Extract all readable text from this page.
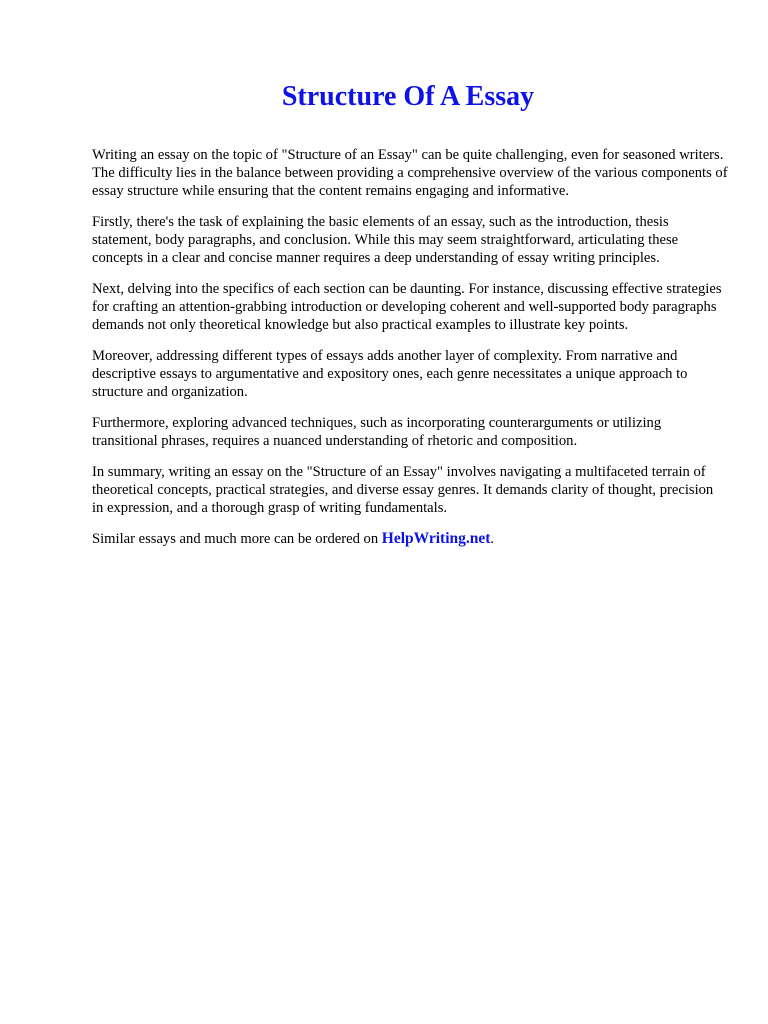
Structure Of A Essay

Writing an essay on the topic of "Structure of an Essay" can be quite challenging, even for seasoned writers. The difficulty lies in the balance between providing a comprehensive overview of the various components of essay structure while ensuring that the content remains engaging and informative.

Firstly, there's the task of explaining the basic elements of an essay, such as the introduction, thesis statement, body paragraphs, and conclusion. While this may seem straightforward, articulating these concepts in a clear and concise manner requires a deep understanding of essay writing principles.

Next, delving into the specifics of each section can be daunting. For instance, discussing effective strategies for crafting an attention-grabbing introduction or developing coherent and well-supported body paragraphs demands not only theoretical knowledge but also practical examples to illustrate key points.

Moreover, addressing different types of essays adds another layer of complexity. From narrative and descriptive essays to argumentative and expository ones, each genre necessitates a unique approach to structure and organization.

Furthermore, exploring advanced techniques, such as incorporating counterarguments or utilizing transitional phrases, requires a nuanced understanding of rhetoric and composition.

In summary, writing an essay on the "Structure of an Essay" involves navigating a multifaceted terrain of theoretical concepts, practical strategies, and diverse essay genres. It demands clarity of thought, precision in expression, and a thorough grasp of writing fundamentals.

Similar essays and much more can be ordered on HelpWriting.net.
